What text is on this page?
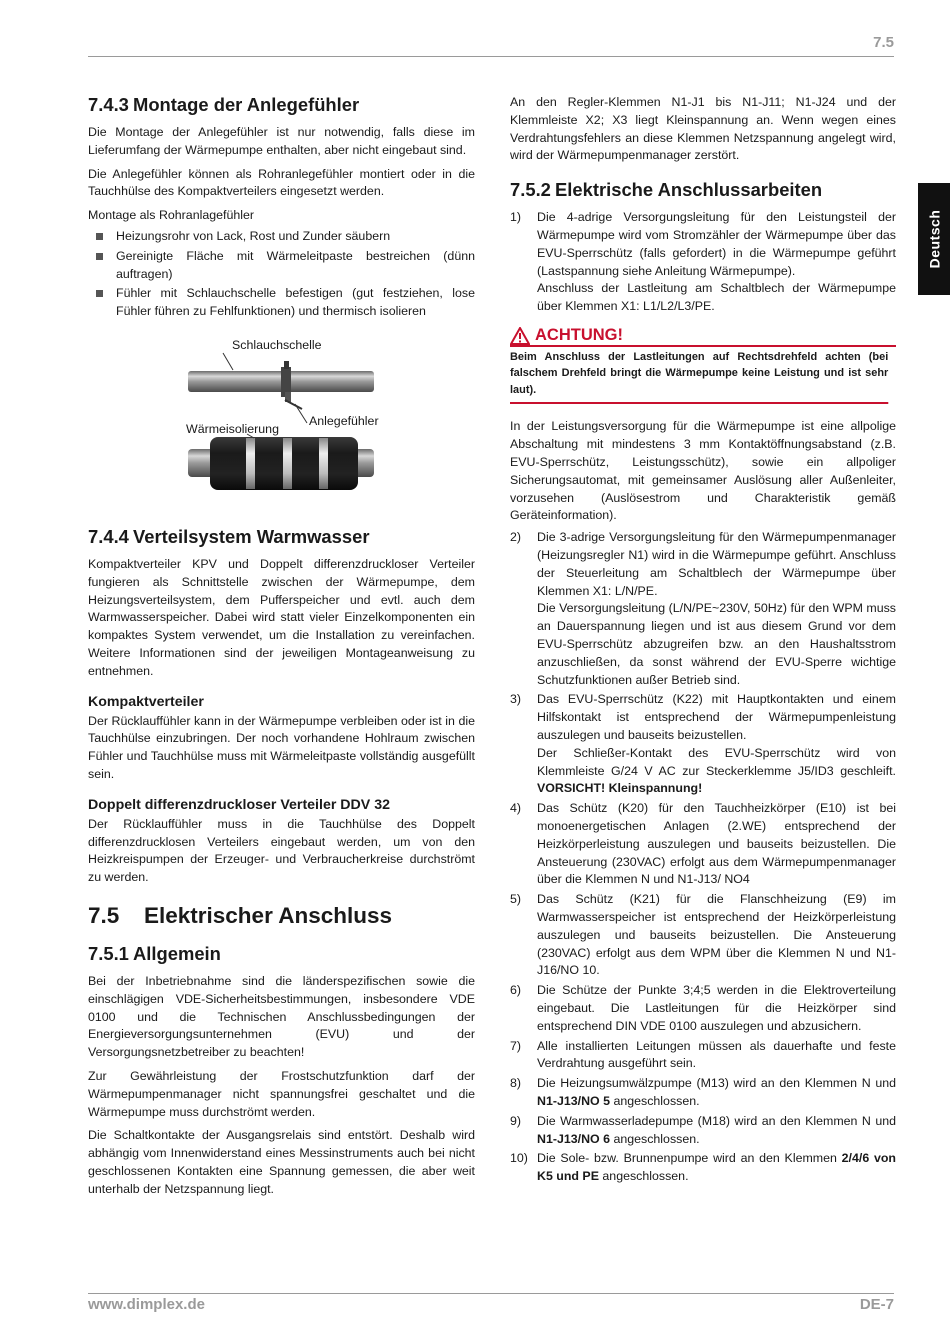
7.5
Deutsch
7.4.3 Montage der Anlegefühler

Die Montage der Anlegefühler ist nur notwendig, falls diese im Lieferumfang der Wärmepumpe enthalten, aber nicht eingebaut sind.

Die Anlegefühler können als Rohranlegefühler montiert oder in die Tauchhülse des Kompaktverteilers eingesetzt werden.

Montage als Rohranlagefühler

Heizungsrohr von Lack, Rost und Zunder säubern
Gereinigte Fläche mit Wärmeleitpaste bestreichen (dünn auftragen)
Fühler mit Schlauchschelle befestigen (gut festziehen, lose Fühler führen zu Fehlfunktionen) und thermisch isolieren
Schlauchschelle
Wärmeisolierung
Anlegefühler
7.4.4 Verteilsystem Warmwasser

Kompaktverteiler KPV und Doppelt differenzdruckloser Verteiler fungieren als Schnittstelle zwischen der Wärmepumpe, dem Heizungsverteilsystem, dem Pufferspeicher und evtl. auch dem Warmwasserspeicher. Dabei wird statt vieler Einzelkomponenten ein kompaktes System verwendet, um die Installation zu vereinfachen. Weitere Informationen sind der jeweiligen Montageanweisung zu entnehmen.

Kompaktverteiler

Der Rücklauffühler kann in der Wärmepumpe verbleiben oder ist in die Tauchhülse einzubringen. Der noch vorhandene Hohlraum zwischen Fühler und Tauchhülse muss mit Wärmeleitpaste vollständig ausgefüllt sein.

Doppelt differenzdruckloser Verteiler DDV 32

Der Rücklauffühler muss in die Tauchhülse des Doppelt differenzdrucklosen Verteilers eingebaut werden, um von den Heizkreispumpen der Erzeuger- und Verbraucherkreise durchströmt zu werden.

7.5 Elektrischer Anschluss
7.5.1 Allgemein

Bei der Inbetriebnahme sind die länderspezifischen sowie die einschlägigen VDE-Sicherheitsbestimmungen, insbesondere VDE 0100 und die Technischen Anschlussbedingungen der Energieversorgungsunternehmen (EVU) und der Versorgungsnetzbetreiber zu beachten!

Zur Gewährleistung der Frostschutzfunktion darf der Wärmepumpenmanager nicht spannungsfrei geschaltet und die Wärmepumpe muss durchströmt werden.

Die Schaltkontakte der Ausgangsrelais sind entstört. Deshalb wird abhängig vom Innenwiderstand eines Messinstruments auch bei nicht geschlossenen Kontakten eine Spannung gemessen, die aber weit unterhalb der Netzspannung liegt.

An den Regler-Klemmen N1-J1 bis N1-J11; N1-J24 und der Klemmleiste X2; X3 liegt Kleinspannung an. Wenn wegen eines Verdrahtungsfehlers an diese Klemmen Netzspannung angelegt wird, wird der Wärmepumpenmanager zerstört.

7.5.2 Elektrische Anschlussarbeiten
1)	Die 4-adrige Versorgungsleitung für den Leistungsteil der Wärmepumpe wird vom Stromzähler der Wärmepumpe über das EVU-Sperrschütz (falls gefordert) in die Wärmepumpe geführt (Lastspannung siehe Anleitung Wärmepumpe).
Anschluss der Lastleitung am Schaltblech der Wärmepumpe über Klemmen X1: L1/L2/L3/PE.
ACHTUNG!
Beim Anschluss der Lastleitungen auf Rechtsdrehfeld achten (bei falschem Drehfeld bringt die Wärmepumpe keine Leistung und ist sehr laut).

In der Leistungsversorgung für die Wärmepumpe ist eine allpolige Abschaltung mit mindestens 3 mm Kontaktöffnungsabstand (z.B. EVU-Sperrschütz, Leistungsschütz), sowie ein allpoliger Sicherungsautomat, mit gemeinsamer Auslösung aller Außenleiter, vorzusehen (Auslösestrom und Charakteristik gemäß Geräteinformation).

2)	Die 3-adrige Versorgungsleitung für den Wärmepumpenmanager (Heizungsregler N1) wird in die Wärmepumpe geführt. Anschluss der Steuerleitung am Schaltblech der Wärmepumpe über Klemmen X1: L/N/PE.
Die Versorgungsleitung (L/N/PE~230V, 50Hz) für den WPM muss an Dauerspannung liegen und ist aus diesem Grund vor dem EVU-Sperrschütz abzugreifen bzw. an den Haushaltsstrom anzuschließen, da sonst während der EVU-Sperre wichtige Schutzfunktionen außer Betrieb sind.
3)	Das EVU-Sperrschütz (K22) mit Hauptkontakten und einem Hilfskontakt ist entsprechend der Wärmepumpenleistung auszulegen und bauseits beizustellen.
Der Schließer-Kontakt des EVU-Sperrschütz wird von Klemmleiste G/24 V AC zur Steckerklemme J5/ID3 geschleift. VORSICHT! Kleinspannung!
4)	Das Schütz (K20) für den Tauchheizkörper (E10) ist bei monoenergetischen Anlagen (2.WE) entsprechend der Heizkörperleistung auszulegen und bauseits beizustellen. Die Ansteuerung (230VAC) erfolgt aus dem Wärmepumpenmanager über die Klemmen N und N1-J13/ NO4
5)	Das Schütz (K21) für die Flanschheizung (E9) im Warmwasserspeicher ist entsprechend der Heizkörperleistung auszulegen und bauseits beizustellen. Die Ansteuerung (230VAC) erfolgt aus dem WPM über die Klemmen N und N1-J16/NO 10.
6)	Die Schütze der Punkte 3;4;5 werden in die Elektroverteilung eingebaut. Die Lastleitungen für die Heizkörper sind entsprechend DIN VDE 0100 auszulegen und abzusichern.
7)	Alle installierten Leitungen müssen als dauerhafte und feste Verdrahtung ausgeführt sein.
8)	Die Heizungsumwälzpumpe (M13) wird an den Klemmen N und N1-J13/NO 5 angeschlossen.
9)	Die Warmwasserladepumpe (M18) wird an den Klemmen N und N1-J13/NO 6 angeschlossen.
10) Die Sole- bzw. Brunnenpumpe wird an den Klemmen 2/4/6 von K5 und PE angeschlossen.
www.dimplex.de	DE-7
